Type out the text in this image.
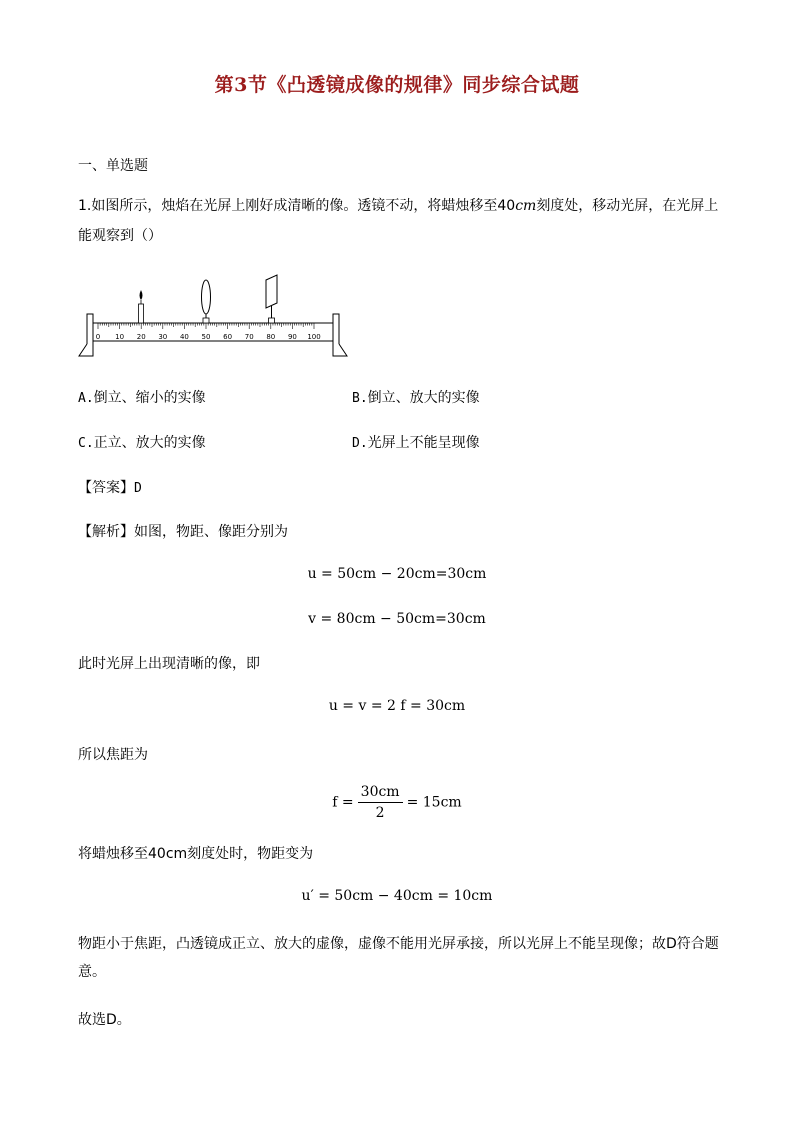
第3节《凸透镜成像的规律》同步综合试题
一、单选题
1.如图所示，烛焰在光屏上刚好成清晰的像。透镜不动，将蜡烛移至40cm刻度处，移动光屏，在光屏上
能观察到（）
0 10 20 30 40 50 60 70 80 90 100
A.倒立、缩小的实像	B.倒立、放大的实像
C.正立、放大的实像	D.光屏上不能呈现像
【答案】D
【解析】如图，物距、像距分别为
u = 50cm − 20cm=30cm
v = 80cm − 50cm=30cm
此时光屏上出现清晰的像，即
u = v = 2 f = 30cm
所以焦距为
$f = \frac{30cm}{2} = 15cm$
将蜡烛移至40cm刻度处时，物距变为
u′ = 50cm − 40cm = 10cm
物距小于焦距，凸透镜成正立、放大的虚像，虚像不能用光屏承接，所以光屏上不能呈现像；故D符合题
意。
故选D。
